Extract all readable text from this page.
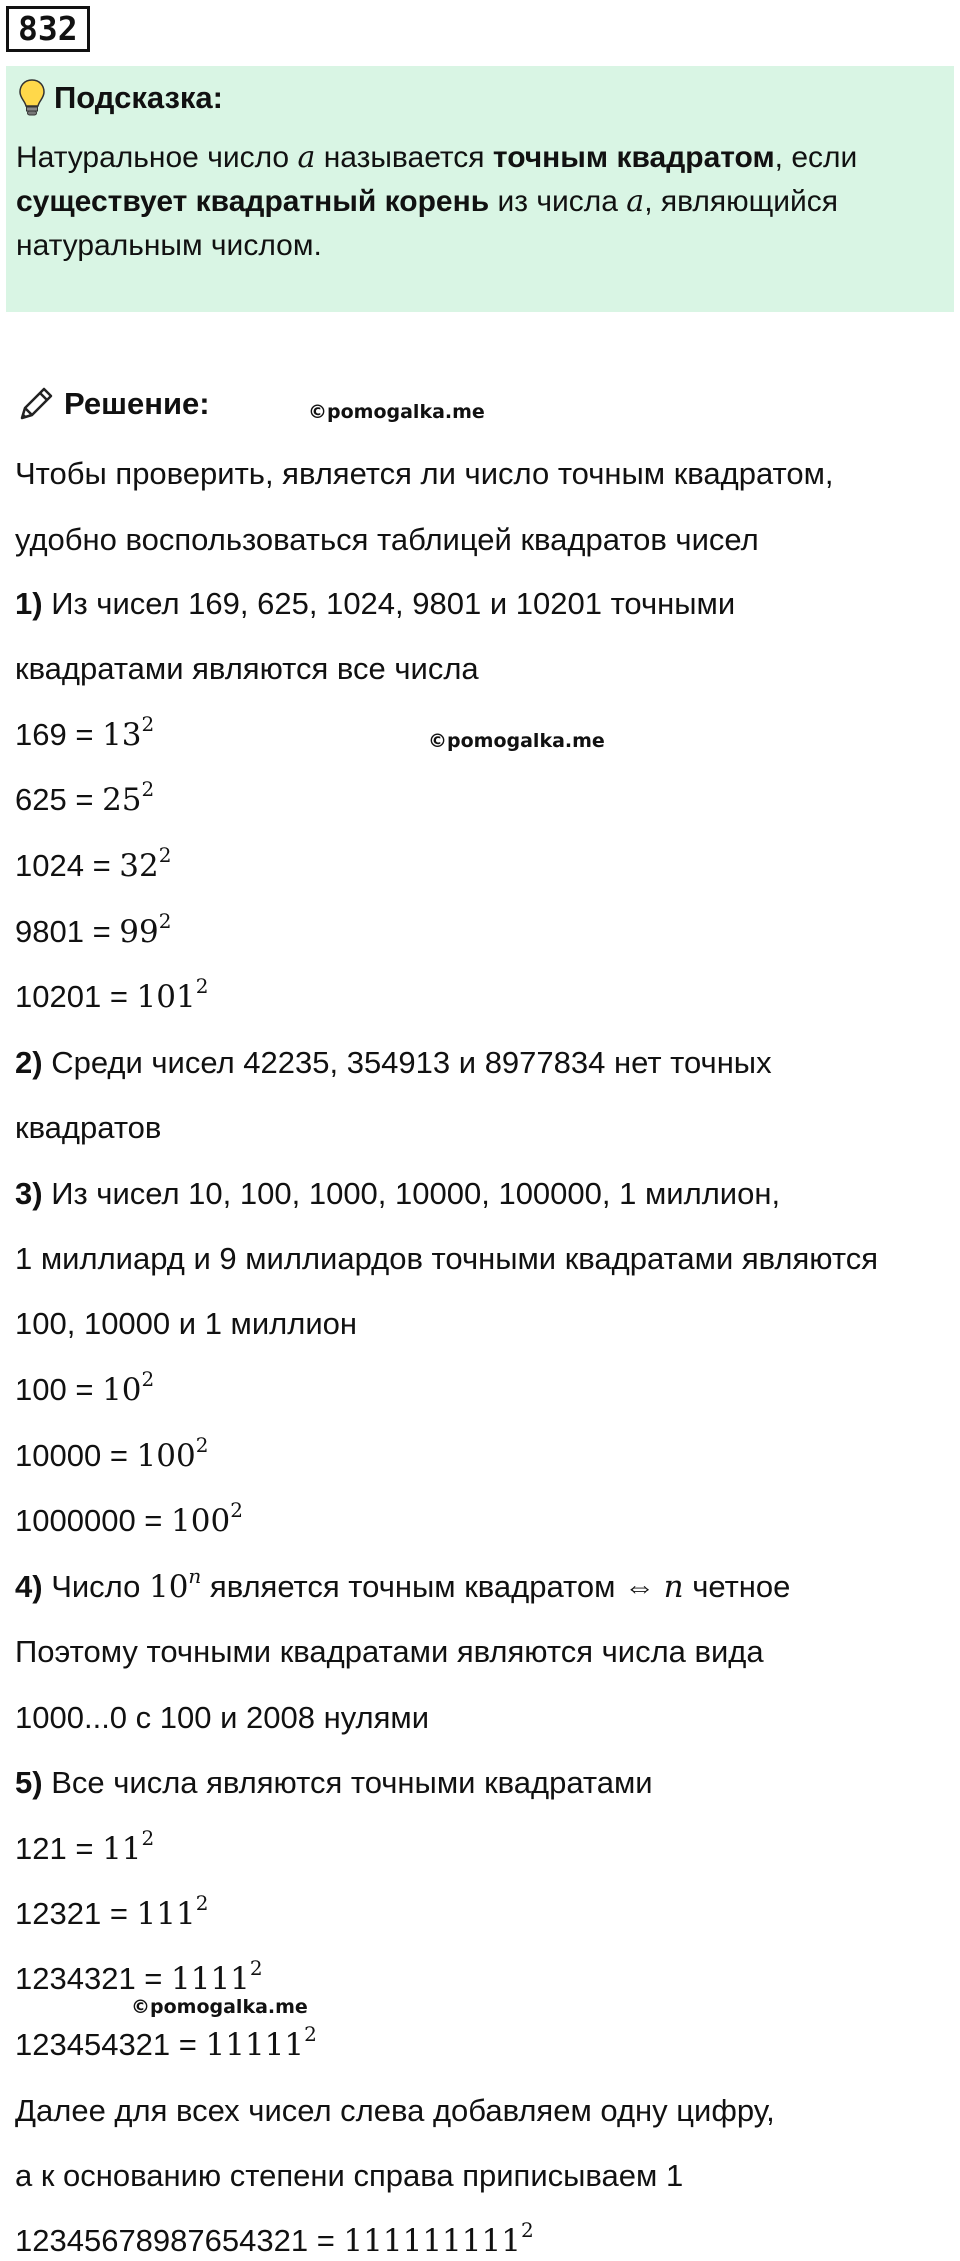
832
Подсказка:
Натуральное число a называется точным квадратом, если
существует квадратный корень из числа a, являющийся
натуральным числом.
Решение:	©pomogalka.me
©pomogalka.me
©pomogalka.me
Чтобы проверить, является ли число точным квадратом,
удобно воспользоваться таблицей квадратов чисел
1) Из чисел 169, 625, 1024, 9801 и 10201 точными
квадратами являются все числа
$169 = 13^2$
$625 = 25^2$
$1024 = 32^2$
$9801 = 99^2$
$10201 = 101^2$
2) Среди чисел 42235, 354913 и 8977834 нет точных
квадратов
3) Из чисел 10, 100, 1000, 10000, 100000, 1 миллион,
1 миллиард и 9 миллиардов точными квадратами являются
100, 10000 и 1 миллион
$100 = 10^2$
$10000 = 100^2$
$1000000 = 100^2$
4) Число 10$^n$ является точным квадратом ⇔ n четное
Поэтому точными квадратами являются числа вида
1000...0 с 100 и 2008 нулями
5) Все числа являются точными квадратами
$121 = 11^2$
$12321 = 111^2$
$1234321 = 1111^2$
$123454321 = 11111^2$
Далее для всех чисел слева добавляем одну цифру,
а к основанию степени справа приписываем 1
$12345678987654321 = 111111111^2$
